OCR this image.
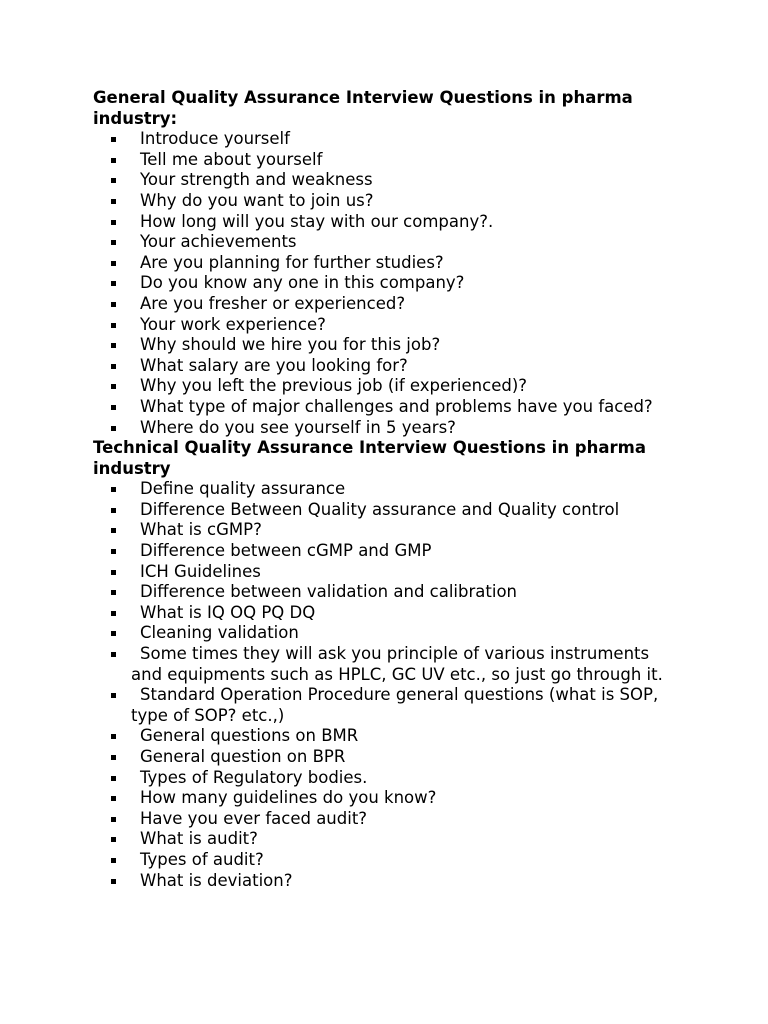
General Quality Assurance Interview Questions in pharma industry:
Introduce yourself
Tell me about yourself
Your strength and weakness
Why do you want to join us?
How long will you stay with our company?.
Your achievements
Are you planning for further studies?
Do you know any one in this company?
Are you fresher or experienced?
Your work experience?
Why should we hire you for this job?
What salary are you looking for?
Why you left the previous job (if experienced)?
What type of major challenges and problems have you faced?
Where do you see yourself in 5 years?
Technical Quality Assurance Interview Questions in pharma industry
Define quality assurance
Difference Between Quality assurance and Quality control
What is cGMP?
Difference between cGMP and GMP
ICH Guidelines
Difference between validation and calibration
What is IQ OQ PQ DQ
Cleaning validation
Some times they will ask you principle of various instruments and equipments such as HPLC, GC UV etc., so just go through it.
Standard Operation Procedure general questions (what is SOP, type of SOP? etc.,)
General questions on BMR
General question on BPR
Types of Regulatory bodies.
How many guidelines do you know?
Have you ever faced audit?
What is audit?
Types of audit?
What is deviation?
